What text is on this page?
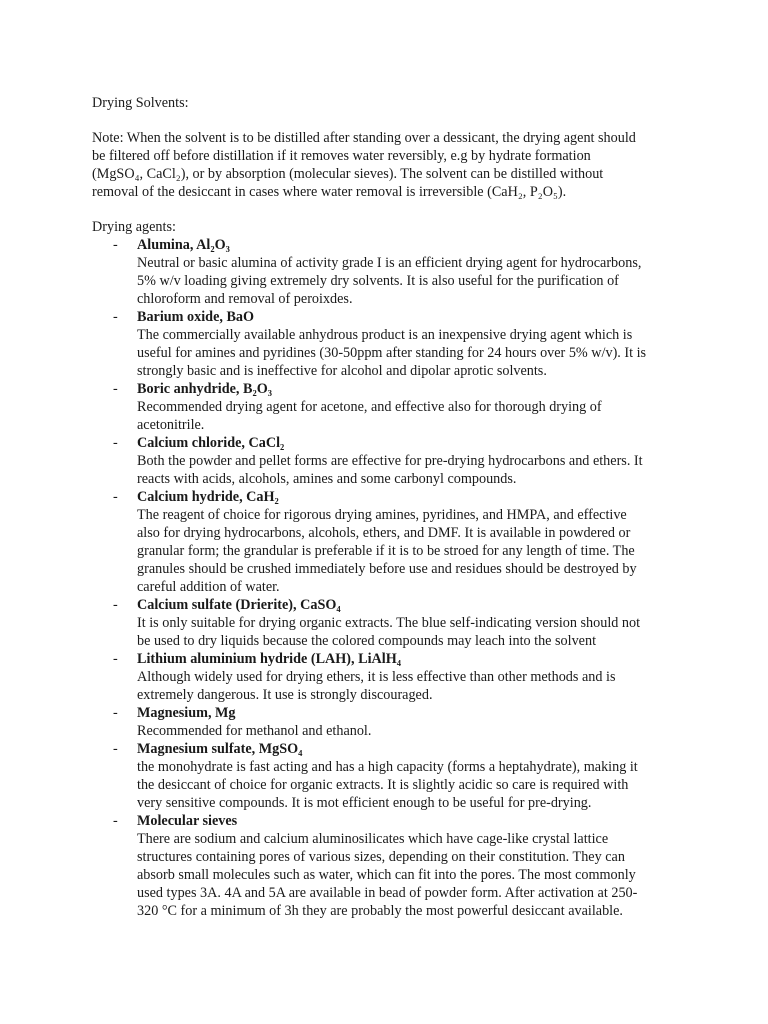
Drying Solvents:

Note: When the solvent is to be distilled after standing over a dessicant, the drying agent should

be filtered off before distillation if it removes water reversibly, e.g by hydrate formation

(MgSO₄, CaCl₂), or by absorption (molecular sieves). The solvent can be distilled without

removal of the desiccant in cases where water removal is irreversible (CaH₂, P₂O₅).

Drying agents:
- Alumina, Al₂O₃
Neutral or basic alumina of activity grade I is an efficient drying agent for hydrocarbons,
5% w/v loading giving extremely dry solvents. It is also useful for the purification of
chloroform and removal of peroixdes.
- Barium oxide, BaO
The commercially available anhydrous product is an inexpensive drying agent which is
useful for amines and pyridines (30-50ppm after standing for 24 hours over 5% w/v). It is
strongly basic and is ineffective for alcohol and dipolar aprotic solvents.
- Boric anhydride, B₂O₃
Recommended drying agent for acetone, and effective also for thorough drying of
acetonitrile.
- Calcium chloride, CaCl₂
Both the powder and pellet forms are effective for pre-drying hydrocarbons and ethers. It
reacts with acids, alcohols, amines and some carbonyl compounds.
- Calcium hydride, CaH₂
The reagent of choice for rigorous drying amines, pyridines, and HMPA, and effective
also for drying hydrocarbons, alcohols, ethers, and DMF. It is available in powdered or
granular form; the grandular is preferable if it is to be stroed for any length of time. The
granules should be crushed immediately before use and residues should be destroyed by
careful addition of water.
- Calcium sulfate (Drierite), CaSO₄
It is only suitable for drying organic extracts. The blue self-indicating version should not
be used to dry liquids because the colored compounds may leach into the solvent
- Lithium aluminium hydride (LAH), LiAlH₄
Although widely used for drying ethers, it is less effective than other methods and is
extremely dangerous. It use is strongly discouraged.
- Magnesium, Mg
Recommended for methanol and ethanol.
- Magnesium sulfate, MgSO₄
the monohydrate is fast acting and has a high capacity (forms a heptahydrate), making it
the desiccant of choice for organic extracts. It is slightly acidic so care is required with
very sensitive compounds. It is mot efficient enough to be useful for pre-drying.
- Molecular sieves
There are sodium and calcium aluminosilicates which have cage-like crystal lattice
structures containing pores of various sizes, depending on their constitution. They can
absorb small molecules such as water, which can fit into the pores. The most commonly
used types 3A. 4A and 5A are available in bead of powder form. After activation at 250-
320 °C for a minimum of 3h they are probably the most powerful desiccant available.
